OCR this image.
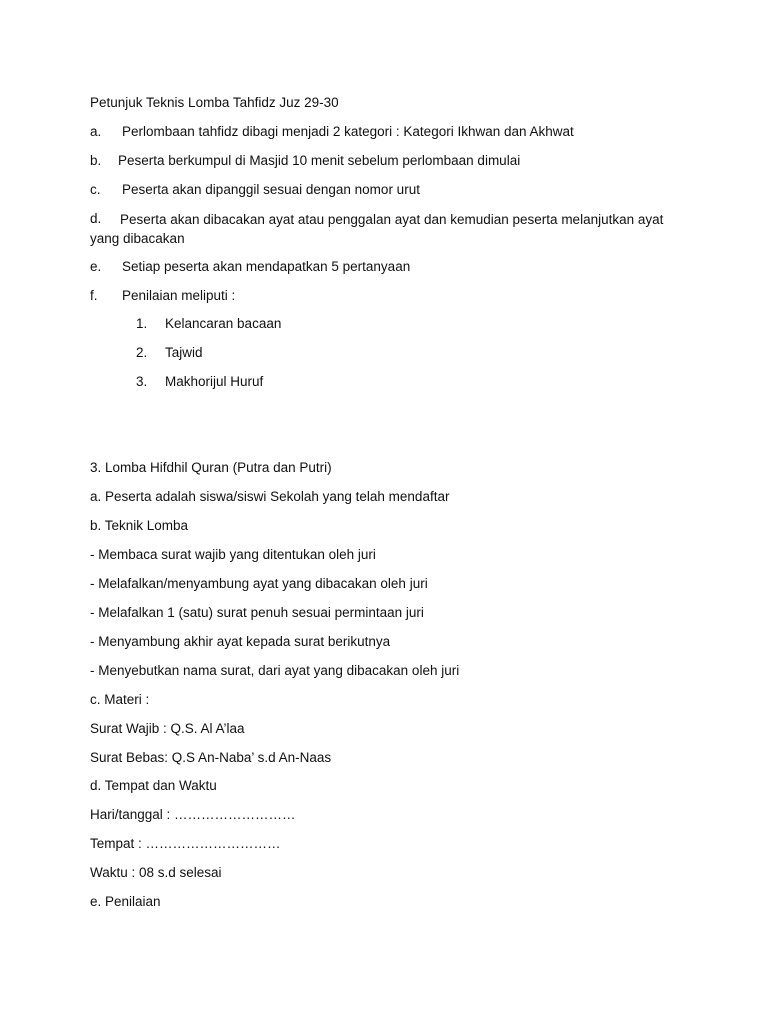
Petunjuk Teknis Lomba Tahfidz Juz 29-30
a. Perlombaan tahfidz dibagi menjadi 2 kategori : Kategori Ikhwan dan Akhwat
b. Peserta berkumpul di Masjid 10 menit sebelum perlombaan dimulai
c. Peserta akan dipanggil sesuai dengan nomor urut
d.	Peserta akan dibacakan ayat atau penggalan ayat dan kemudian peserta melanjutkan ayat yang dibacakan
e. Setiap peserta akan mendapatkan 5 pertanyaan
f. Penilaian meliputi :
1. Kelancaran bacaan
2. Tajwid
3. Makhorijul Huruf
3. Lomba Hifdhil Quran (Putra dan Putri)
a. Peserta adalah siswa/siswi Sekolah yang telah mendaftar
b. Teknik Lomba
- Membaca surat wajib yang ditentukan oleh juri
- Melafalkan/menyambung ayat yang dibacakan oleh juri
- Melafalkan 1 (satu) surat penuh sesuai permintaan juri
- Menyambung akhir ayat kepada surat berikutnya
- Menyebutkan nama surat, dari ayat yang dibacakan oleh juri
c. Materi :
Surat Wajib : Q.S. Al A’laa
Surat Bebas: Q.S An-Naba’ s.d An-Naas
d. Tempat dan Waktu
Hari/tanggal : ………………………
Tempat : …………………………
Waktu : 08 s.d selesai
e. Penilaian
